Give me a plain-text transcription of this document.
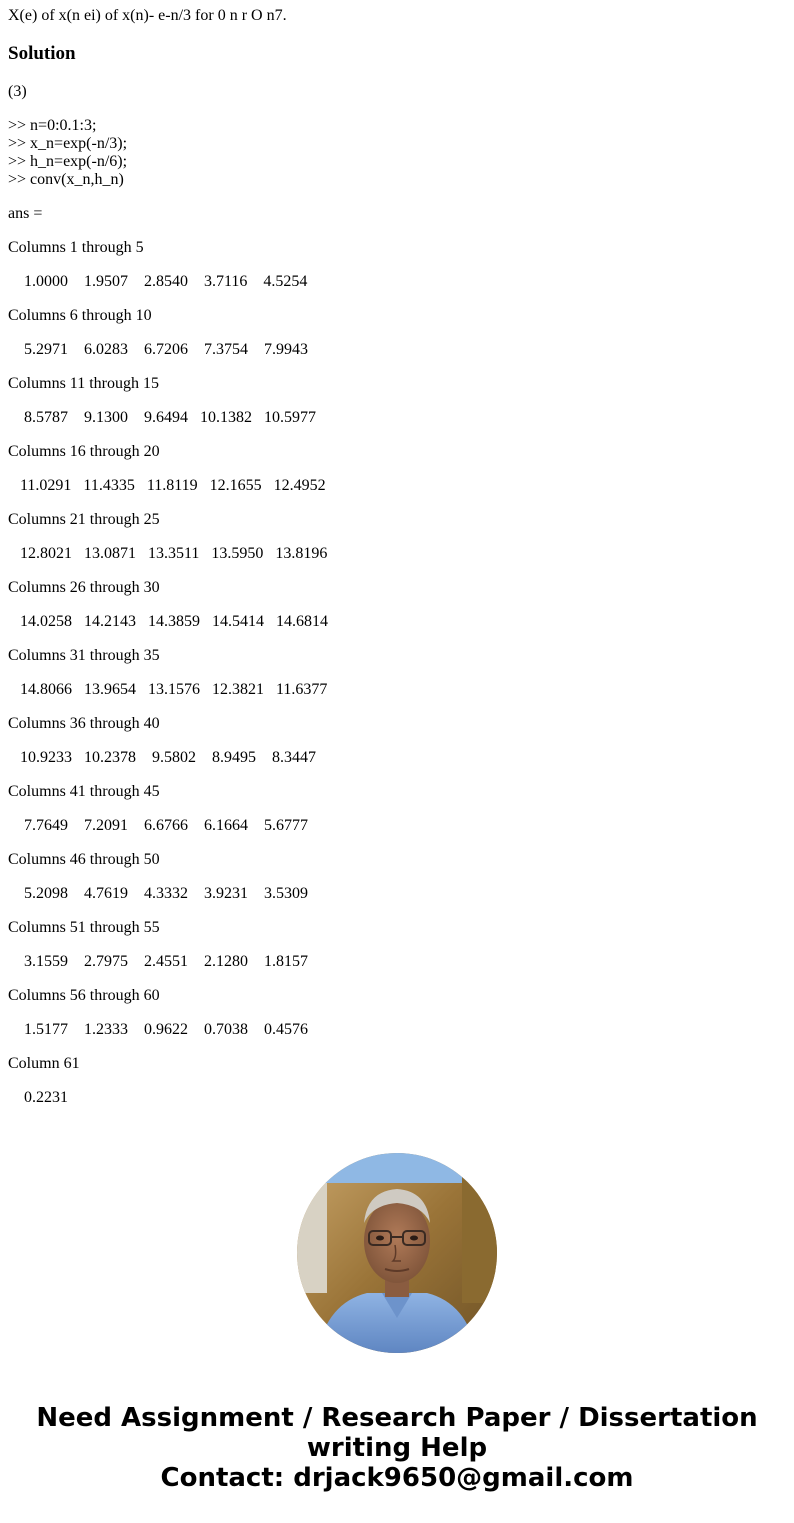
X(e) of x(n ei) of x(n)- e-n/3 for 0 n r O n7.
Solution
(3)
>> n=0:0.1:3;
>> x_n=exp(-n/3);
>> h_n=exp(-n/6);
>> conv(x_n,h_n)
ans =
Columns 1 through 5
1.0000    1.9507    2.8540    3.7116    4.5254
Columns 6 through 10
5.2971    6.0283    6.7206    7.3754    7.9943
Columns 11 through 15
8.5787    9.1300    9.6494   10.1382   10.5977
Columns 16 through 20
11.0291   11.4335   11.8119   12.1655   12.4952
Columns 21 through 25
12.8021   13.0871   13.3511   13.5950   13.8196
Columns 26 through 30
14.0258   14.2143   14.3859   14.5414   14.6814
Columns 31 through 35
14.8066   13.9654   13.1576   12.3821   11.6377
Columns 36 through 40
10.9233   10.2378    9.5802    8.9495    8.3447
Columns 41 through 45
7.7649    7.2091    6.6766    6.1664    5.6777
Columns 46 through 50
5.2098    4.7619    4.3332    3.9231    3.5309
Columns 51 through 55
3.1559    2.7975    2.4551    2.1280    1.8157
Columns 56 through 60
1.5177    1.2333    0.9622    0.7038    0.4576
Column 61
0.2231
Need Assignment / Research Paper / Dissertation
writing Help
Contact: drjack9650@gmail.com
